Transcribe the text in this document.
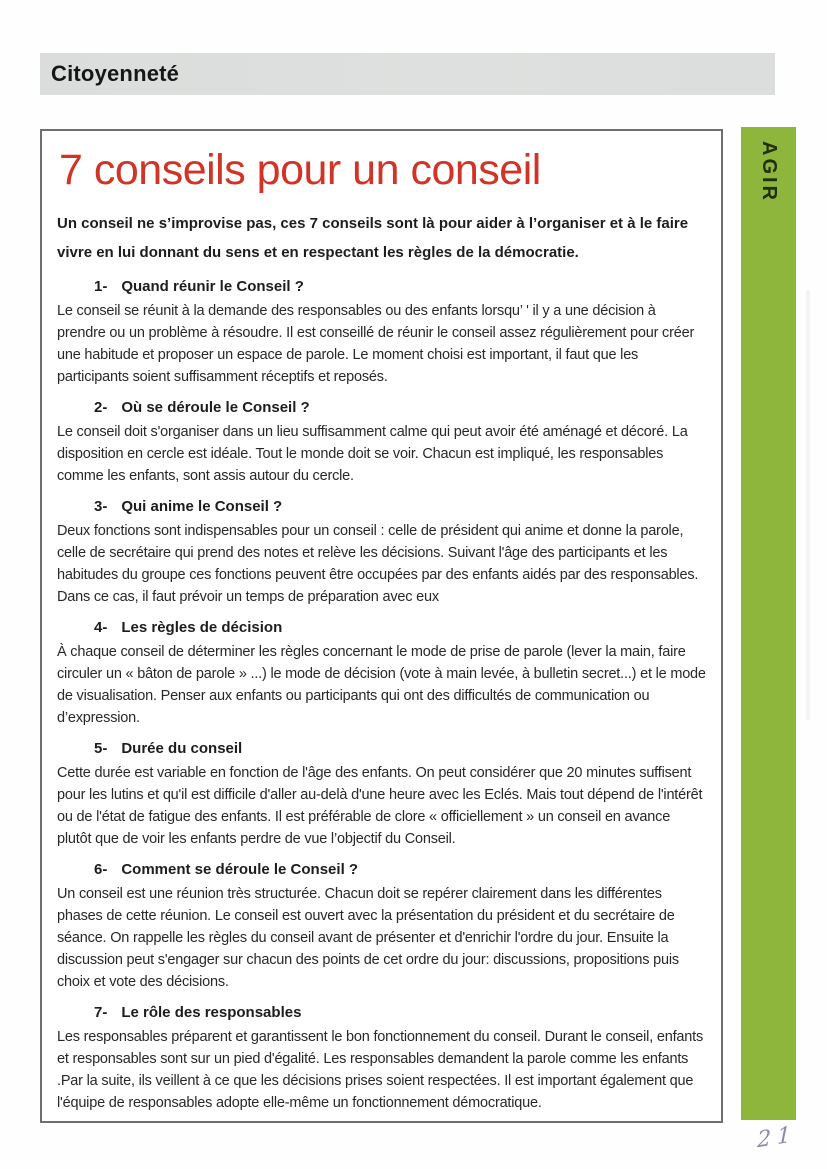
Citoyenneté
7 conseils pour un conseil

Un conseil ne s’improvise pas, ces 7 conseils sont là pour aider à l’organiser et à le faire vivre en lui donnant du sens et en respectant les règles de la démocratie.

1- Quand réunir le Conseil ?

Le conseil se réunit à la demande des responsables ou des enfants lorsqu’ ' il y a une décision à prendre ou un problème à résoudre. Il est conseillé de réunir le conseil assez régulièrement pour créer une habitude et proposer un espace de parole. Le moment choisi est important, il faut que les participants soient suffisamment réceptifs et reposés.

2- Où se déroule le Conseil ?

Le conseil doit s'organiser dans un lieu suffisamment calme qui peut avoir été aménagé et décoré. La disposition en cercle est idéale. Tout le monde doit se voir. Chacun est impliqué, les responsables comme les enfants, sont assis autour du cercle.

3- Qui anime le Conseil ?

Deux fonctions sont indispensables pour un conseil : celle de président qui anime et donne la parole, celle de secrétaire qui prend des notes et relève les décisions. Suivant l'âge des participants et les habitudes du groupe ces fonctions peuvent être occupées par des enfants aidés par des responsables. Dans ce cas, il faut prévoir un temps de préparation avec eux

4- Les règles de décision

À chaque conseil de déterminer les règles concernant le mode de prise de parole (lever la main, faire circuler un « bâton de parole » ...) le mode de décision (vote à main levée, à bulletin secret...) et le mode de visualisation. Penser aux enfants ou participants qui ont des difficultés de communication ou d’expression.

5- Durée du conseil

Cette durée est variable en fonction de l'âge des enfants. On peut considérer que 20 minutes suffisent pour les lutins et qu'il est difficile d'aller au-delà d'une heure avec les Eclés. Mais tout dépend de l'intérêt ou de l'état de fatigue des enfants. Il est préférable de clore « officiellement » un conseil en avance plutôt que de voir les enfants perdre de vue l’objectif du Conseil.

6- Comment se déroule le Conseil ?

Un conseil est une réunion très structurée. Chacun doit se repérer clairement dans les différentes phases de cette réunion. Le conseil est ouvert avec la présentation du président et du secrétaire de séance. On rappelle les règles du conseil avant de présenter et d'enrichir l'ordre du jour. Ensuite la discussion peut s'engager sur chacun des points de cet ordre du jour: discussions, propositions puis choix et vote des décisions.

7- Le rôle des responsables

Les responsables préparent et garantissent le bon fonctionnement du conseil. Durant le conseil, enfants et responsables sont sur un pied d'égalité. Les responsables demandent la parole comme les enfants .Par la suite, ils veillent à ce que les décisions prises soient respectées. Il est important également que l'équipe de responsables adopte elle-même un fonctionnement démocratique.

AGIR
21
